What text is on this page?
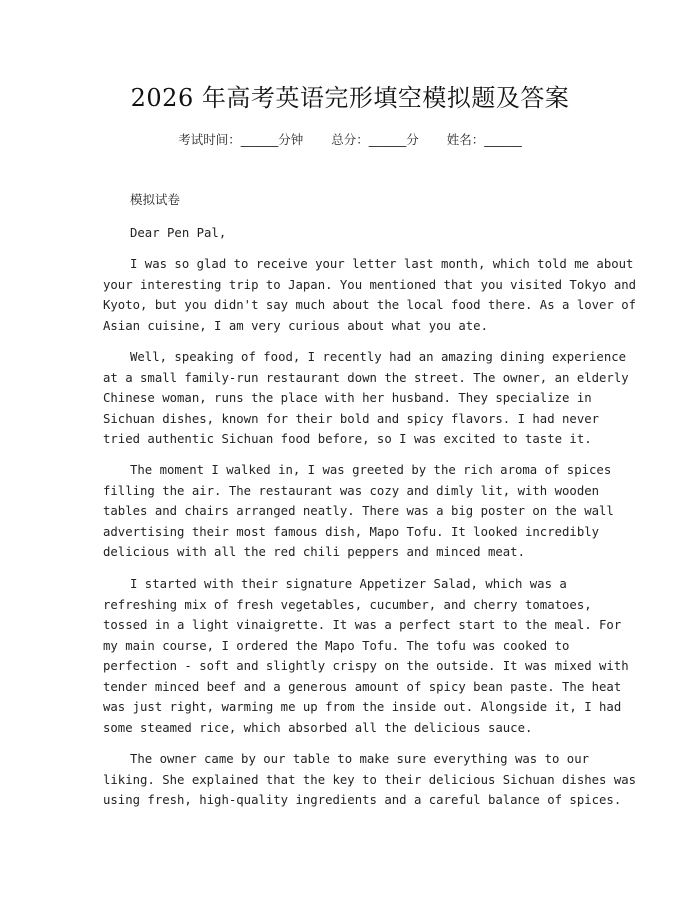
2026 年高考英语完形填空模拟题及答案
考试时间：______分钟 总分：______分 姓名：______
模拟试卷
Dear Pen Pal,
I was so glad to receive your letter last month, which told me about
your interesting trip to Japan. You mentioned that you visited Tokyo and
Kyoto, but you didn't say much about the local food there. As a lover of
Asian cuisine, I am very curious about what you ate.
Well, speaking of food, I recently had an amazing dining experience
at a small family-run restaurant down the street. The owner, an elderly
Chinese woman, runs the place with her husband. They specialize in
Sichuan dishes, known for their bold and spicy flavors. I had never
tried authentic Sichuan food before, so I was excited to taste it.
The moment I walked in, I was greeted by the rich aroma of spices
filling the air. The restaurant was cozy and dimly lit, with wooden
tables and chairs arranged neatly. There was a big poster on the wall
advertising their most famous dish, Mapo Tofu. It looked incredibly
delicious with all the red chili peppers and minced meat.
I started with their signature Appetizer Salad, which was a
refreshing mix of fresh vegetables, cucumber, and cherry tomatoes,
tossed in a light vinaigrette. It was a perfect start to the meal. For
my main course, I ordered the Mapo Tofu. The tofu was cooked to
perfection - soft and slightly crispy on the outside. It was mixed with
tender minced beef and a generous amount of spicy bean paste. The heat
was just right, warming me up from the inside out. Alongside it, I had
some steamed rice, which absorbed all the delicious sauce.
The owner came by our table to make sure everything was to our
liking. She explained that the key to their delicious Sichuan dishes was
using fresh, high-quality ingredients and a careful balance of spices.
